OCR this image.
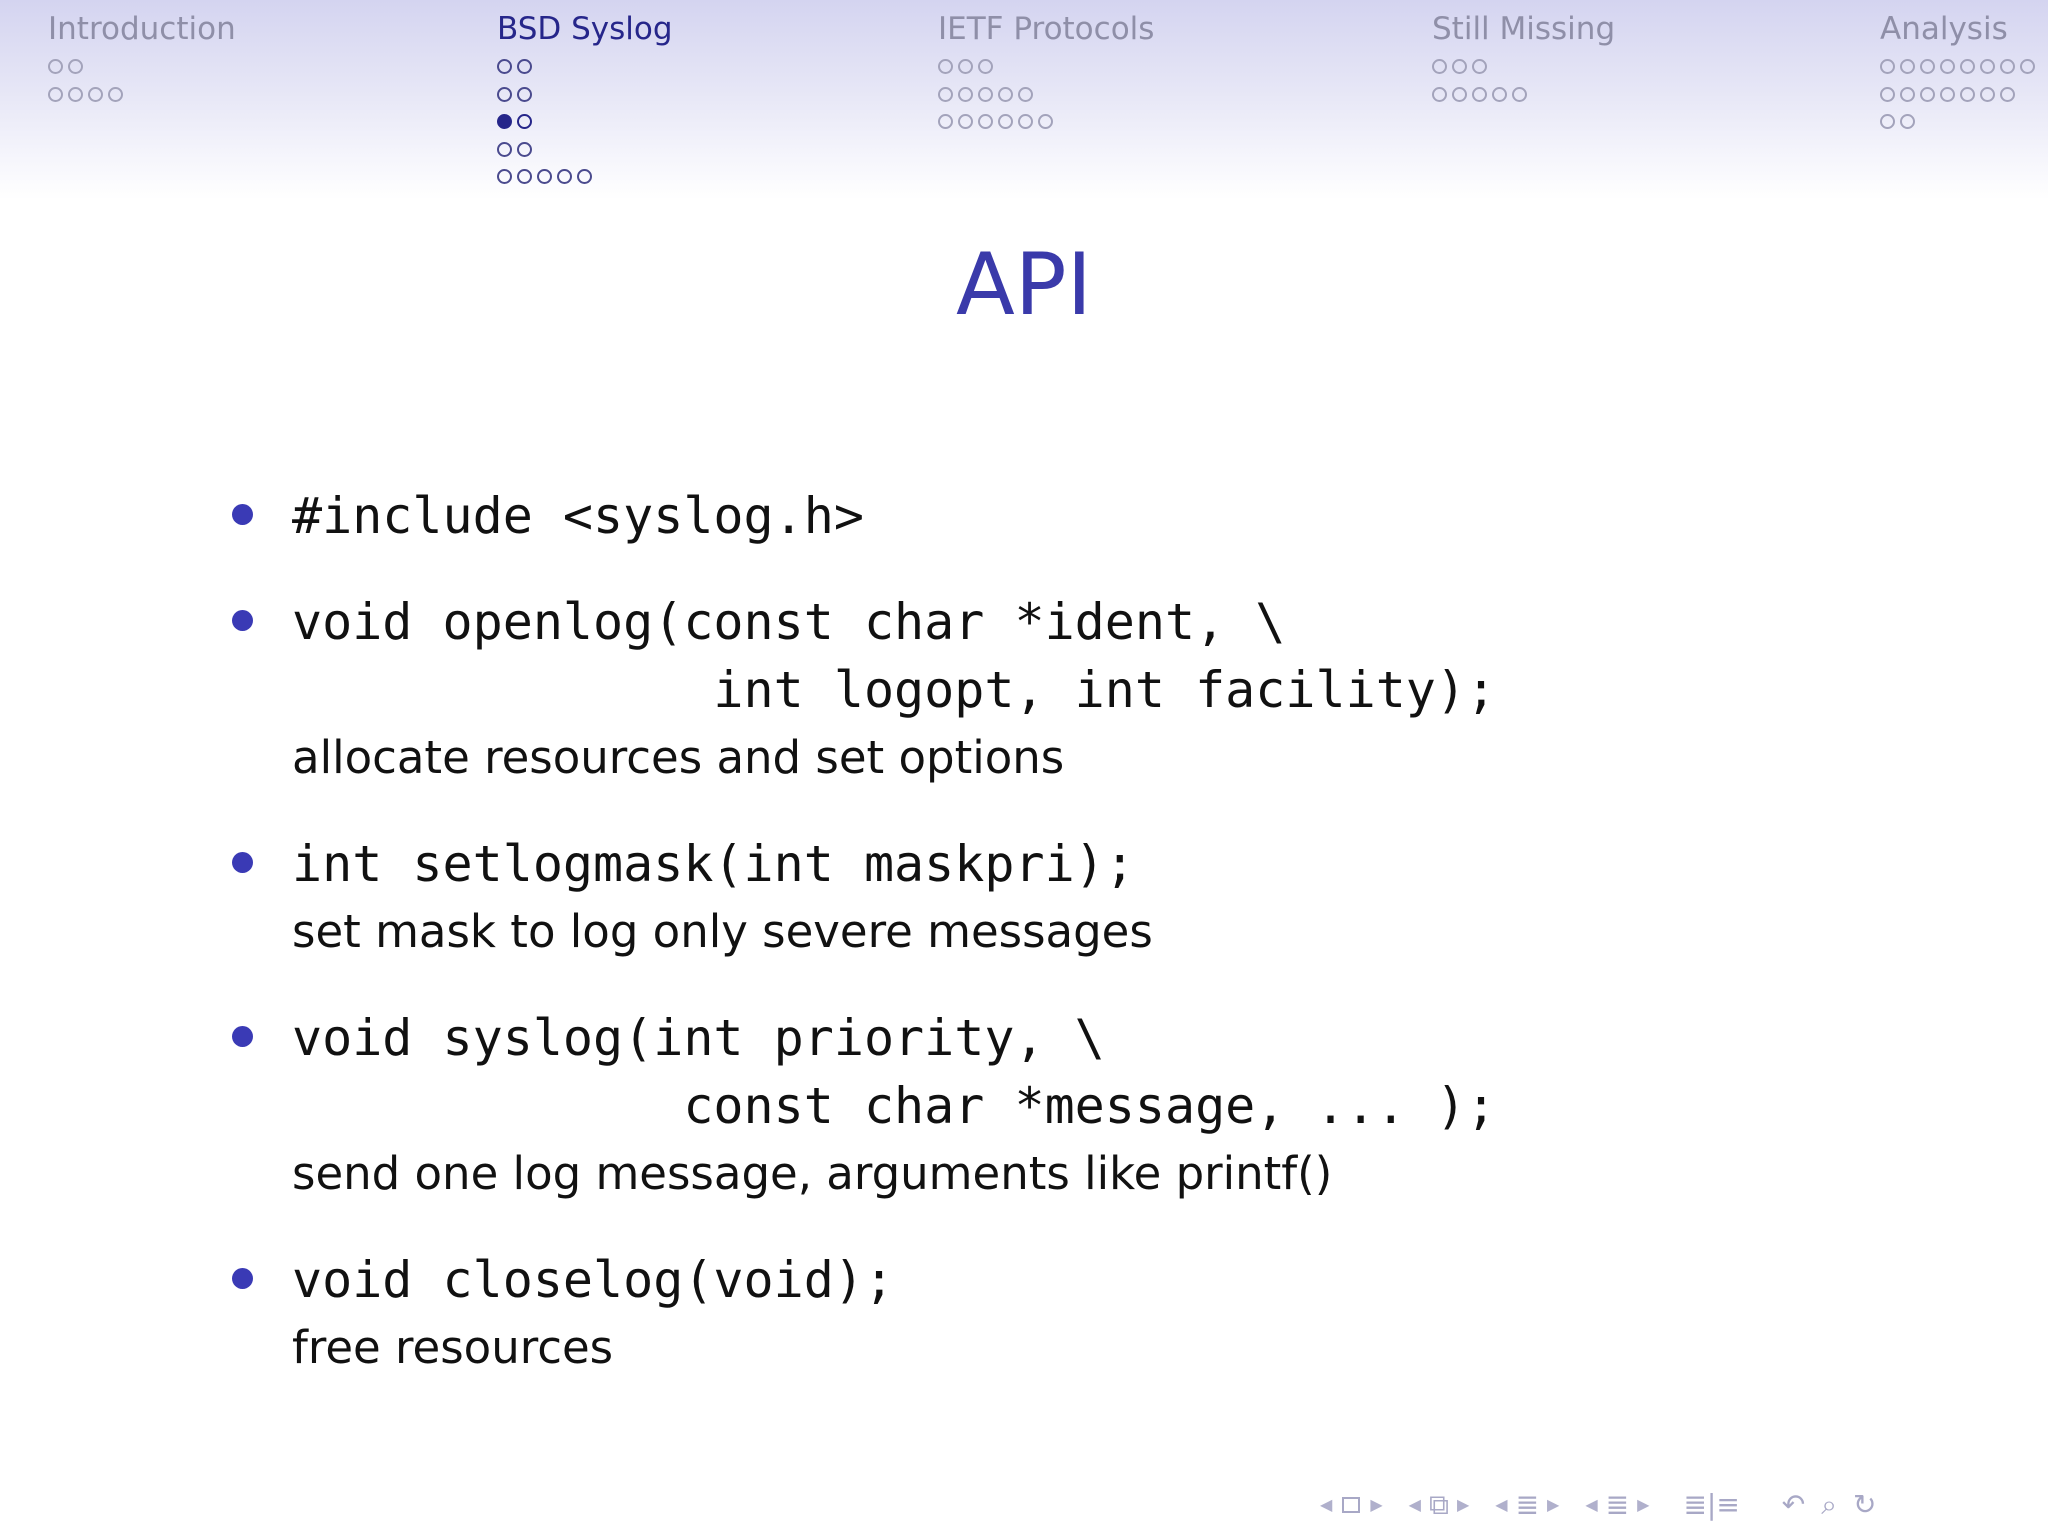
Introduction	BSD Syslog	IETF Protocols	Still Missing	Analysis
API
#include <syslog.h>
void openlog(const char *ident, \
int logopt, int facility);
allocate resources and set options
int setlogmask(int maskpri);
set mask to log only severe messages
void syslog(int priority, \
const char *message, ... );
send one log message, arguments like printf()
void closelog(void);
free resources
◀ ▶ ◀ ⧉ ▶ ◀ ≣ ▶ ◀ ≣ ▶ ≣|≡ ↶ ⌕ ↻
